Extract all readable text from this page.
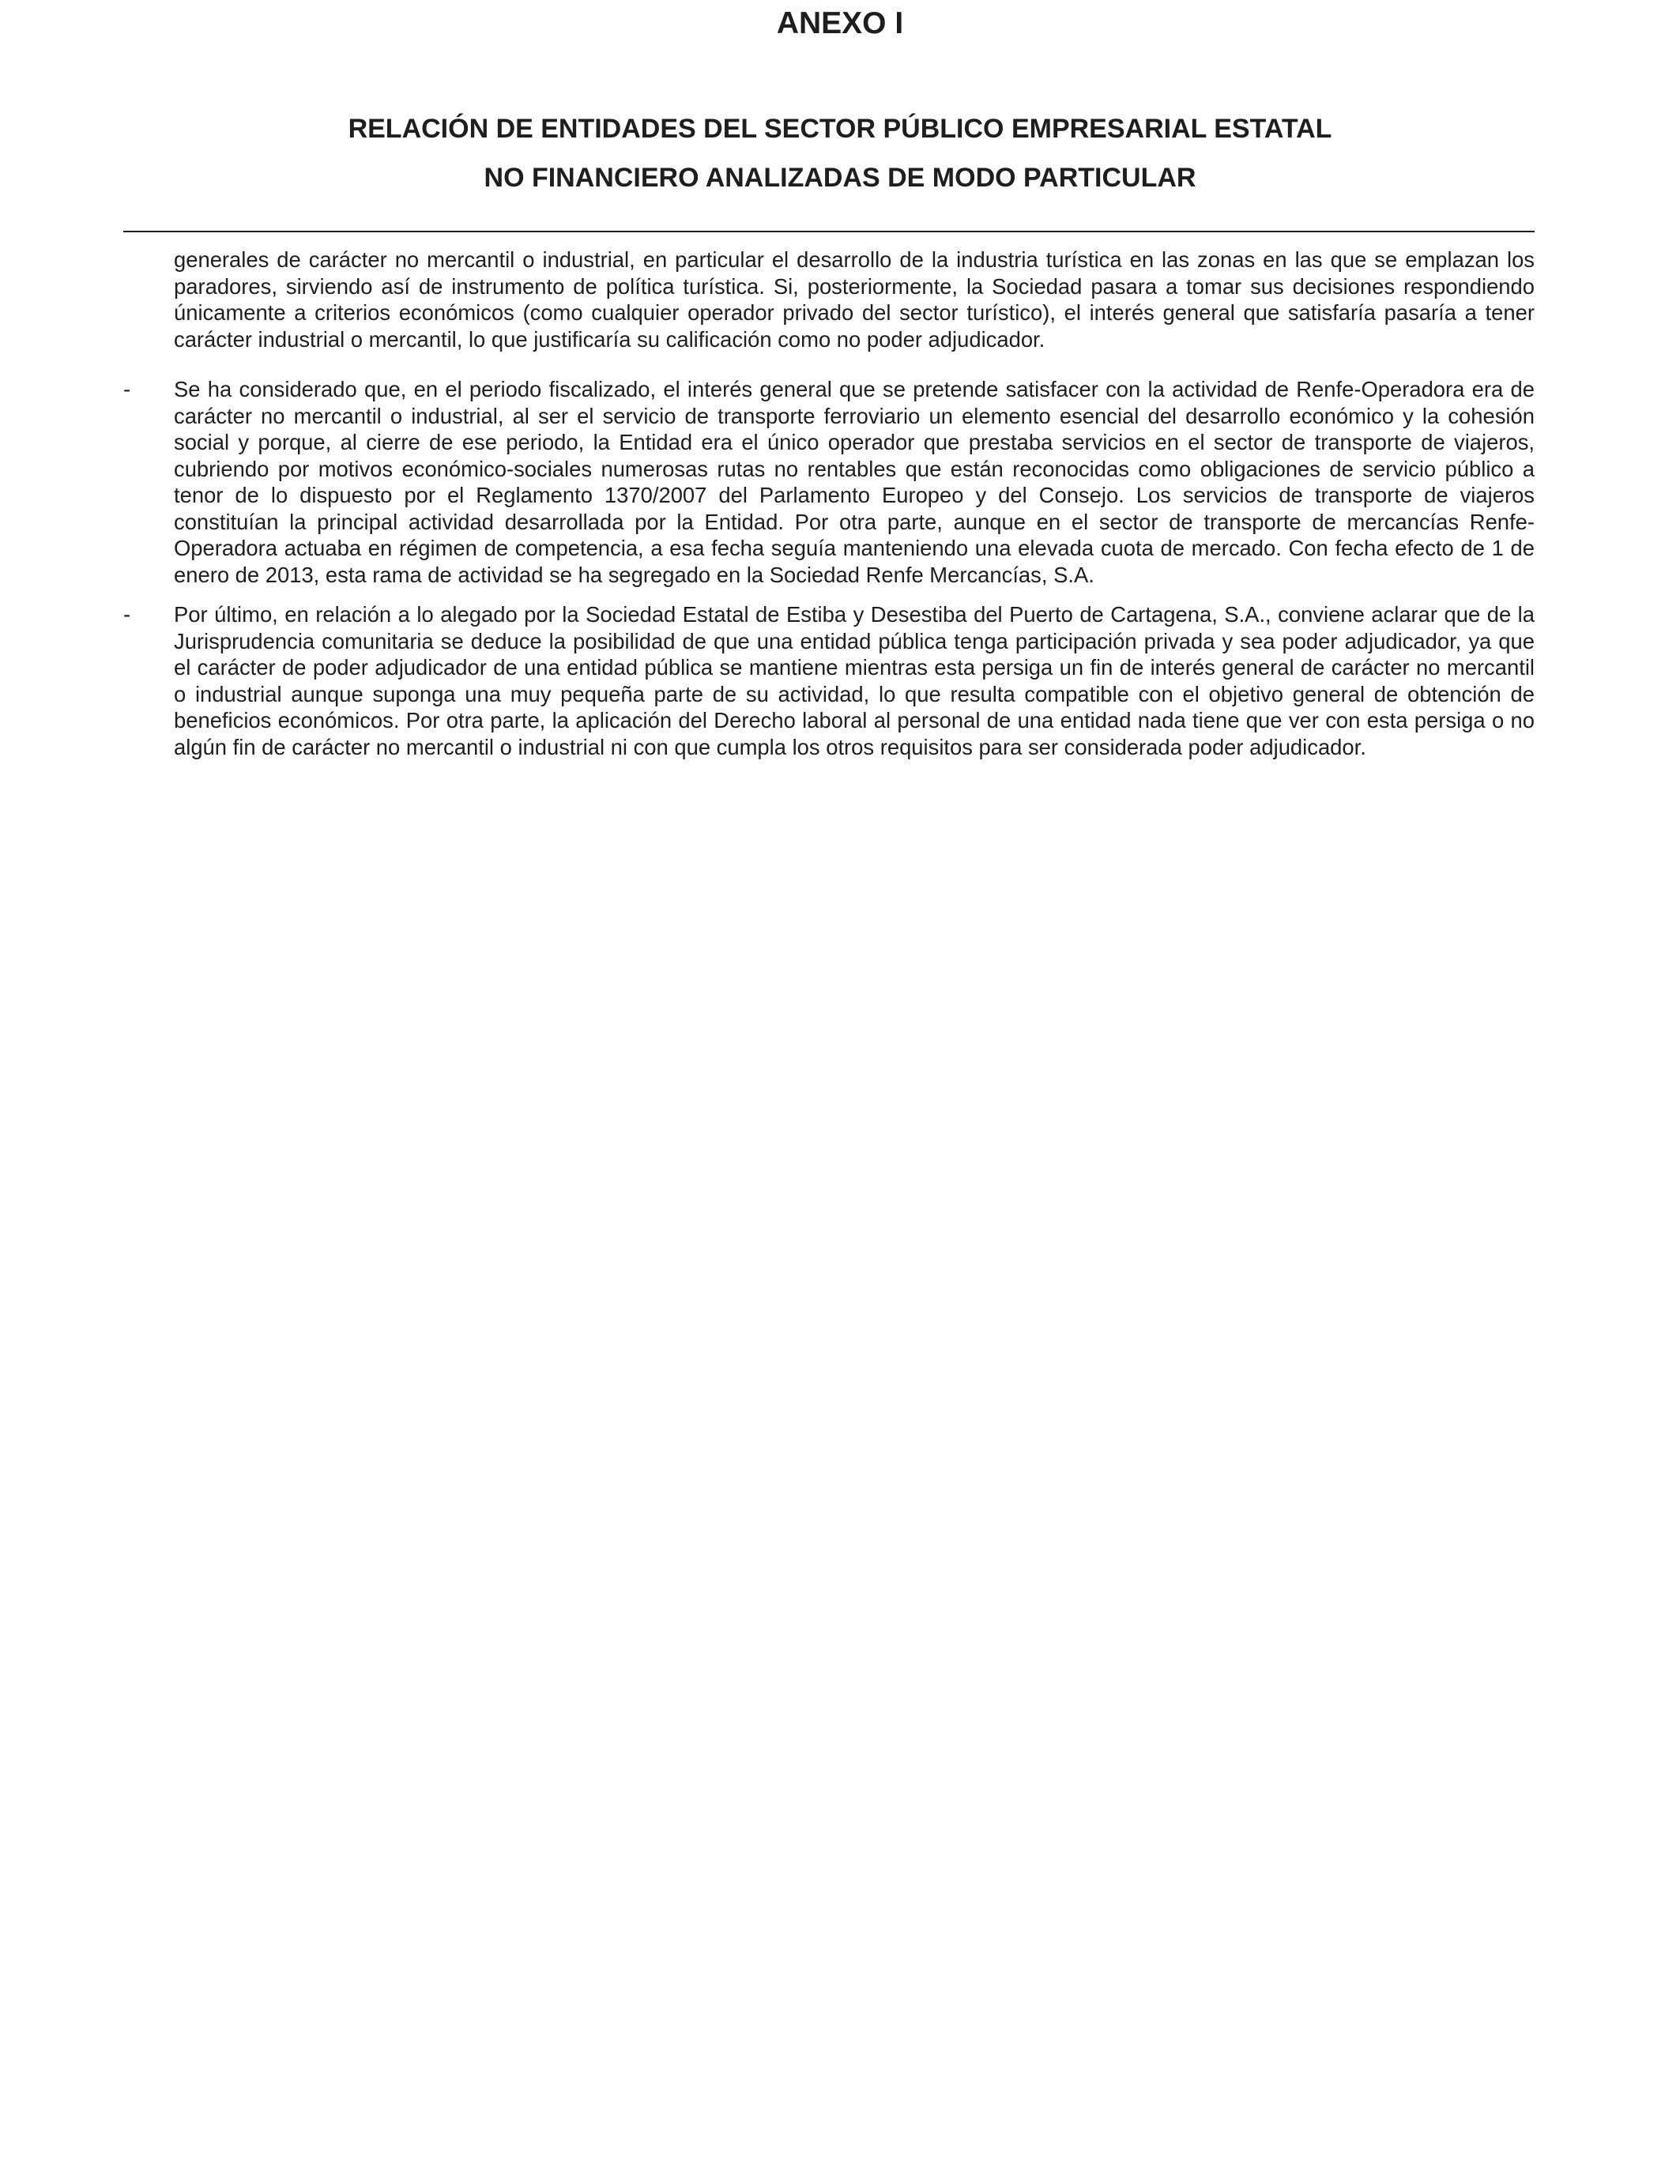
ANEXO I
RELACIÓN DE ENTIDADES DEL SECTOR PÚBLICO EMPRESARIAL ESTATAL
NO FINANCIERO ANALIZADAS DE MODO PARTICULAR

generales de carácter no mercantil o industrial, en particular el desarrollo de la industria turística en las zonas en las que se emplazan los paradores, sirviendo así de instrumento de política turística. Si, posteriormente, la Sociedad pasara a tomar sus decisiones respondiendo únicamente a criterios económicos (como cualquier operador privado del sector turístico), el interés general que satisfaría pasaría a tener carácter industrial o mercantil, lo que justificaría su calificación como no poder adjudicador.

- Se ha considerado que, en el periodo fiscalizado, el interés general que se pretende satisfacer con la actividad de Renfe-Operadora era de carácter no mercantil o industrial, al ser el servicio de transporte ferroviario un elemento esencial del desarrollo económico y la cohesión social y porque, al cierre de ese periodo, la Entidad era el único operador que prestaba servicios en el sector de transporte de viajeros, cubriendo por motivos económico-sociales numerosas rutas no rentables que están reconocidas como obligaciones de servicio público a tenor de lo dispuesto por el Reglamento 1370/2007 del Parlamento Europeo y del Consejo. Los servicios de transporte de viajeros constituían la principal actividad desarrollada por la Entidad. Por otra parte, aunque en el sector de transporte de mercancías Renfe-Operadora actuaba en régimen de competencia, a esa fecha seguía manteniendo una elevada cuota de mercado. Con fecha efecto de 1 de enero de 2013, esta rama de actividad se ha segregado en la Sociedad Renfe Mercancías, S.A.

- Por último, en relación a lo alegado por la Sociedad Estatal de Estiba y Desestiba del Puerto de Cartagena, S.A., conviene aclarar que de la Jurisprudencia comunitaria se deduce la posibilidad de que una entidad pública tenga participación privada y sea poder adjudicador, ya que el carácter de poder adjudicador de una entidad pública se mantiene mientras esta persiga un fin de interés general de carácter no mercantil o industrial aunque suponga una muy pequeña parte de su actividad, lo que resulta compatible con el objetivo general de obtención de beneficios económicos. Por otra parte, la aplicación del Derecho laboral al personal de una entidad nada tiene que ver con esta persiga o no algún fin de carácter no mercantil o industrial ni con que cumpla los otros requisitos para ser considerada poder adjudicador.
